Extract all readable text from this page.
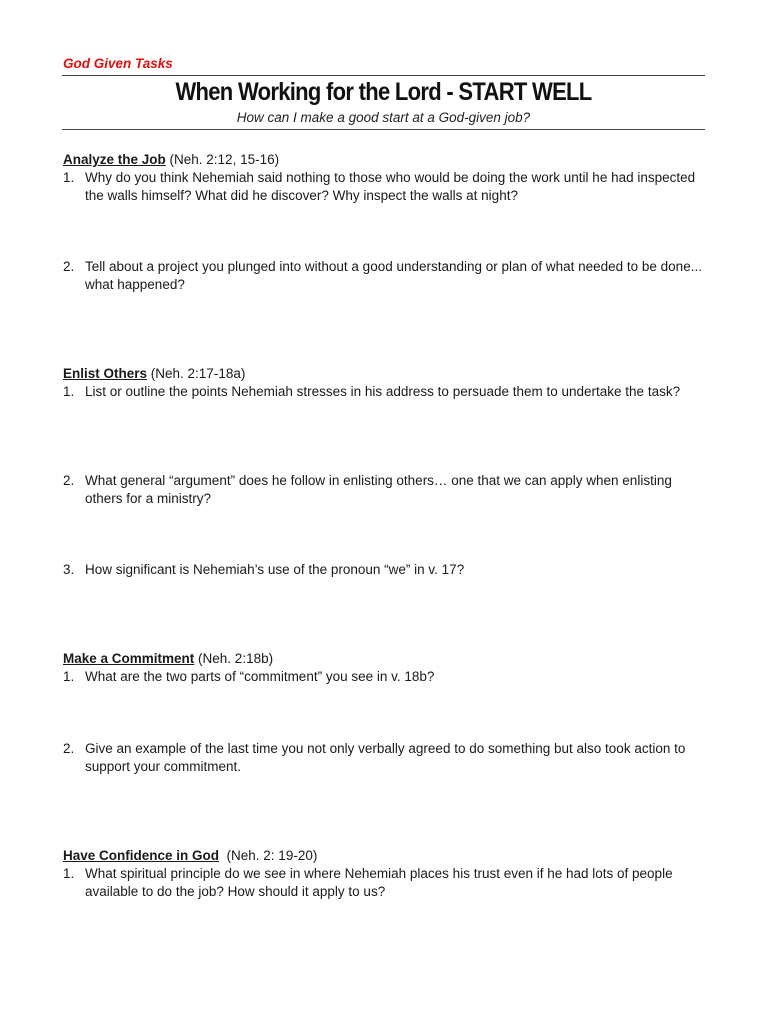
God Given Tasks
When Working for the Lord - START WELL
How can I make a good start at a God-given job?
Analyze the Job (Neh. 2:12, 15-16)
1. Why do you think Nehemiah said nothing to those who would be doing the work until he had inspected the walls himself? What did he discover? Why inspect the walls at night?
2. Tell about a project you plunged into without a good understanding or plan of what needed to be done... what happened?
Enlist Others (Neh. 2:17-18a)
1. List or outline the points Nehemiah stresses in his address to persuade them to undertake the task?
2. What general “argument” does he follow in enlisting others… one that we can apply when enlisting others for a ministry?
3. How significant is Nehemiah’s use of the pronoun “we” in v. 17?
Make a Commitment (Neh. 2:18b)
1. What are the two parts of “commitment” you see in v. 18b?
2. Give an example of the last time you not only verbally agreed to do something but also took action to support your commitment.
Have Confidence in God  (Neh. 2: 19-20)
1. What spiritual principle do we see in where Nehemiah places his trust even if he had lots of people available to do the job? How should it apply to us?
